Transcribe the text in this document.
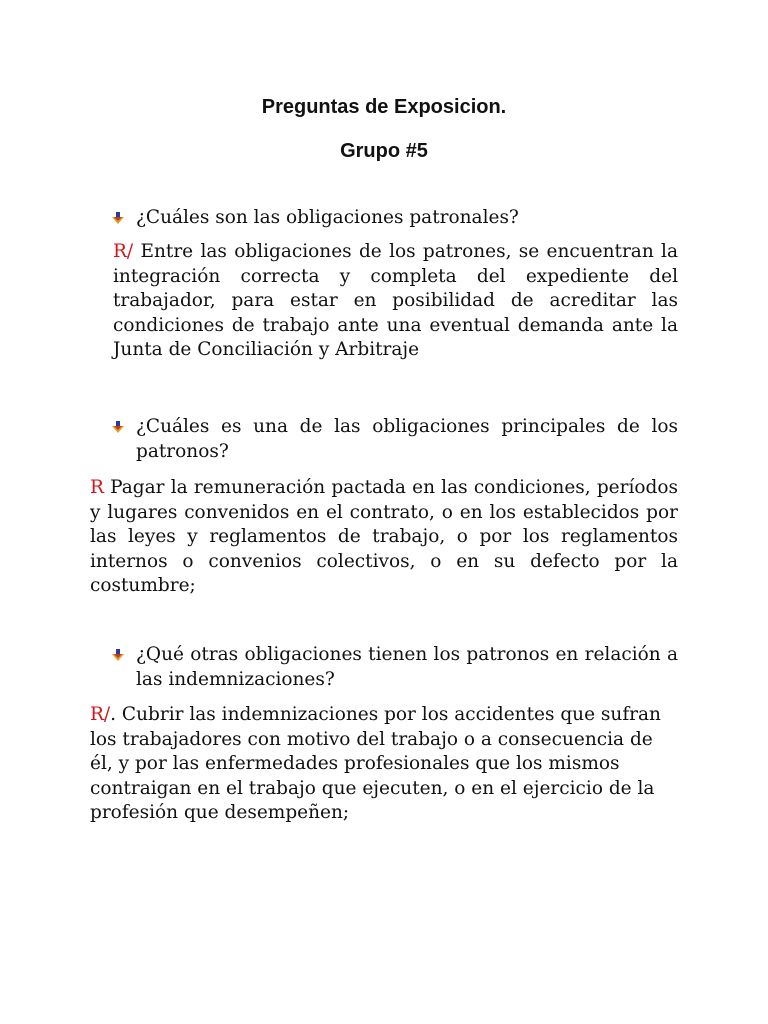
Preguntas de Exposicion.
Grupo #5
¿Cuáles son las obligaciones patronales?
R/ Entre las obligaciones de los patrones, se encuentran la integración correcta y completa del expediente del trabajador, para estar en posibilidad de acreditar las condiciones de trabajo ante una eventual demanda ante la Junta de Conciliación y Arbitraje
¿Cuáles es una de las obligaciones principales de los patronos?
R Pagar la remuneración pactada en las condiciones, períodos y lugares convenidos en el contrato, o en los establecidos por las leyes y reglamentos de trabajo, o por los reglamentos internos o convenios colectivos, o en su defecto por la costumbre;
¿Qué otras obligaciones tienen los patronos en relación a las indemnizaciones?
R/. Cubrir las indemnizaciones por los accidentes que sufran los trabajadores con motivo del trabajo o a consecuencia de él, y por las enfermedades profesionales que los mismos contraigan en el trabajo que ejecuten, o en el ejercicio de la profesión que desempeñen;
